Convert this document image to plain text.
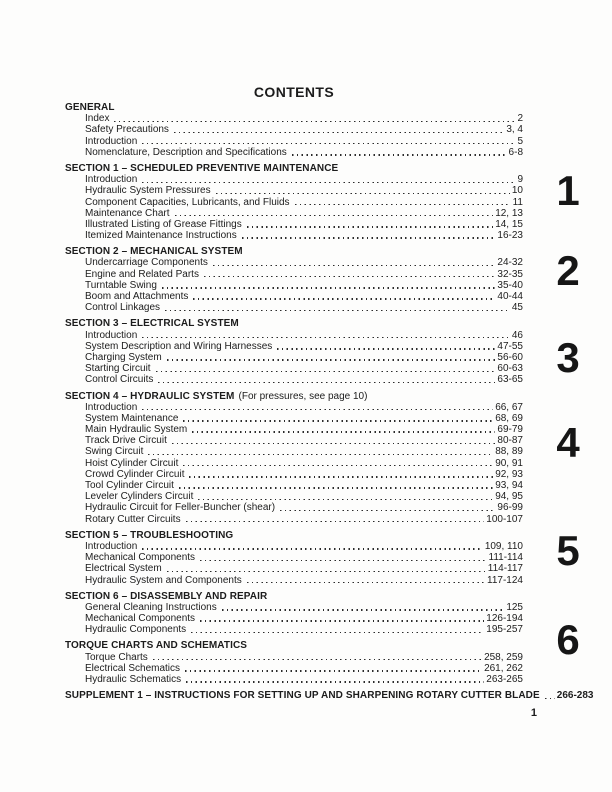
CONTENTS
GENERAL
Index	2
Safety Precautions	3, 4
Introduction	5
Nomenclature, Description and Specifications	6-8
SECTION 1 – SCHEDULED PREVENTIVE MAINTENANCE
Introduction	9
Hydraulic System Pressures	10
Component Capacities, Lubricants, and Fluids	11
Maintenance Chart	12, 13
Illustrated Listing of Grease Fittings	14, 15
Itemized Maintenance Instructions	16-23
SECTION 2 – MECHANICAL SYSTEM
Undercarriage Components	24-32
Engine and Related Parts	32-35
Turntable Swing	35-40
Boom and Attachments	40-44
Control Linkages	45
SECTION 3 – ELECTRICAL SYSTEM
Introduction	46
System Description and Wiring Harnesses	47-55
Charging System	56-60
Starting Circuit	60-63
Control Circuits	63-65
SECTION 4 – HYDRAULIC SYSTEM (For pressures, see page 10)
Introduction	66, 67
System Maintenance	68, 69
Main Hydraulic System	69-79
Track Drive Circuit	80-87
Swing Circuit	88, 89
Hoist Cylinder Circuit	90, 91
Crowd Cylinder Circuit	92, 93
Tool Cylinder Circuit	93, 94
Leveler Cylinders Circuit	94, 95
Hydraulic Circuit for Feller-Buncher (shear)	96-99
Rotary Cutter Circuits	100-107
SECTION 5 – TROUBLESHOOTING
Introduction	109, 110
Mechanical Components	111-114
Electrical System	114-117
Hydraulic System and Components	117-124
SECTION 6 – DISASSEMBLY AND REPAIR
General Cleaning Instructions	125
Mechanical Components	126-194
Hydraulic Components	195-257
TORQUE CHARTS AND SCHEMATICS
Torque Charts	258, 259
Electrical Schematics	261, 262
Hydraulic Schematics	263-265
SUPPLEMENT 1 – INSTRUCTIONS FOR SETTING UP AND SHARPENING ROTARY CUTTER BLADE 266-283
1
2
3
4
5
6
1
